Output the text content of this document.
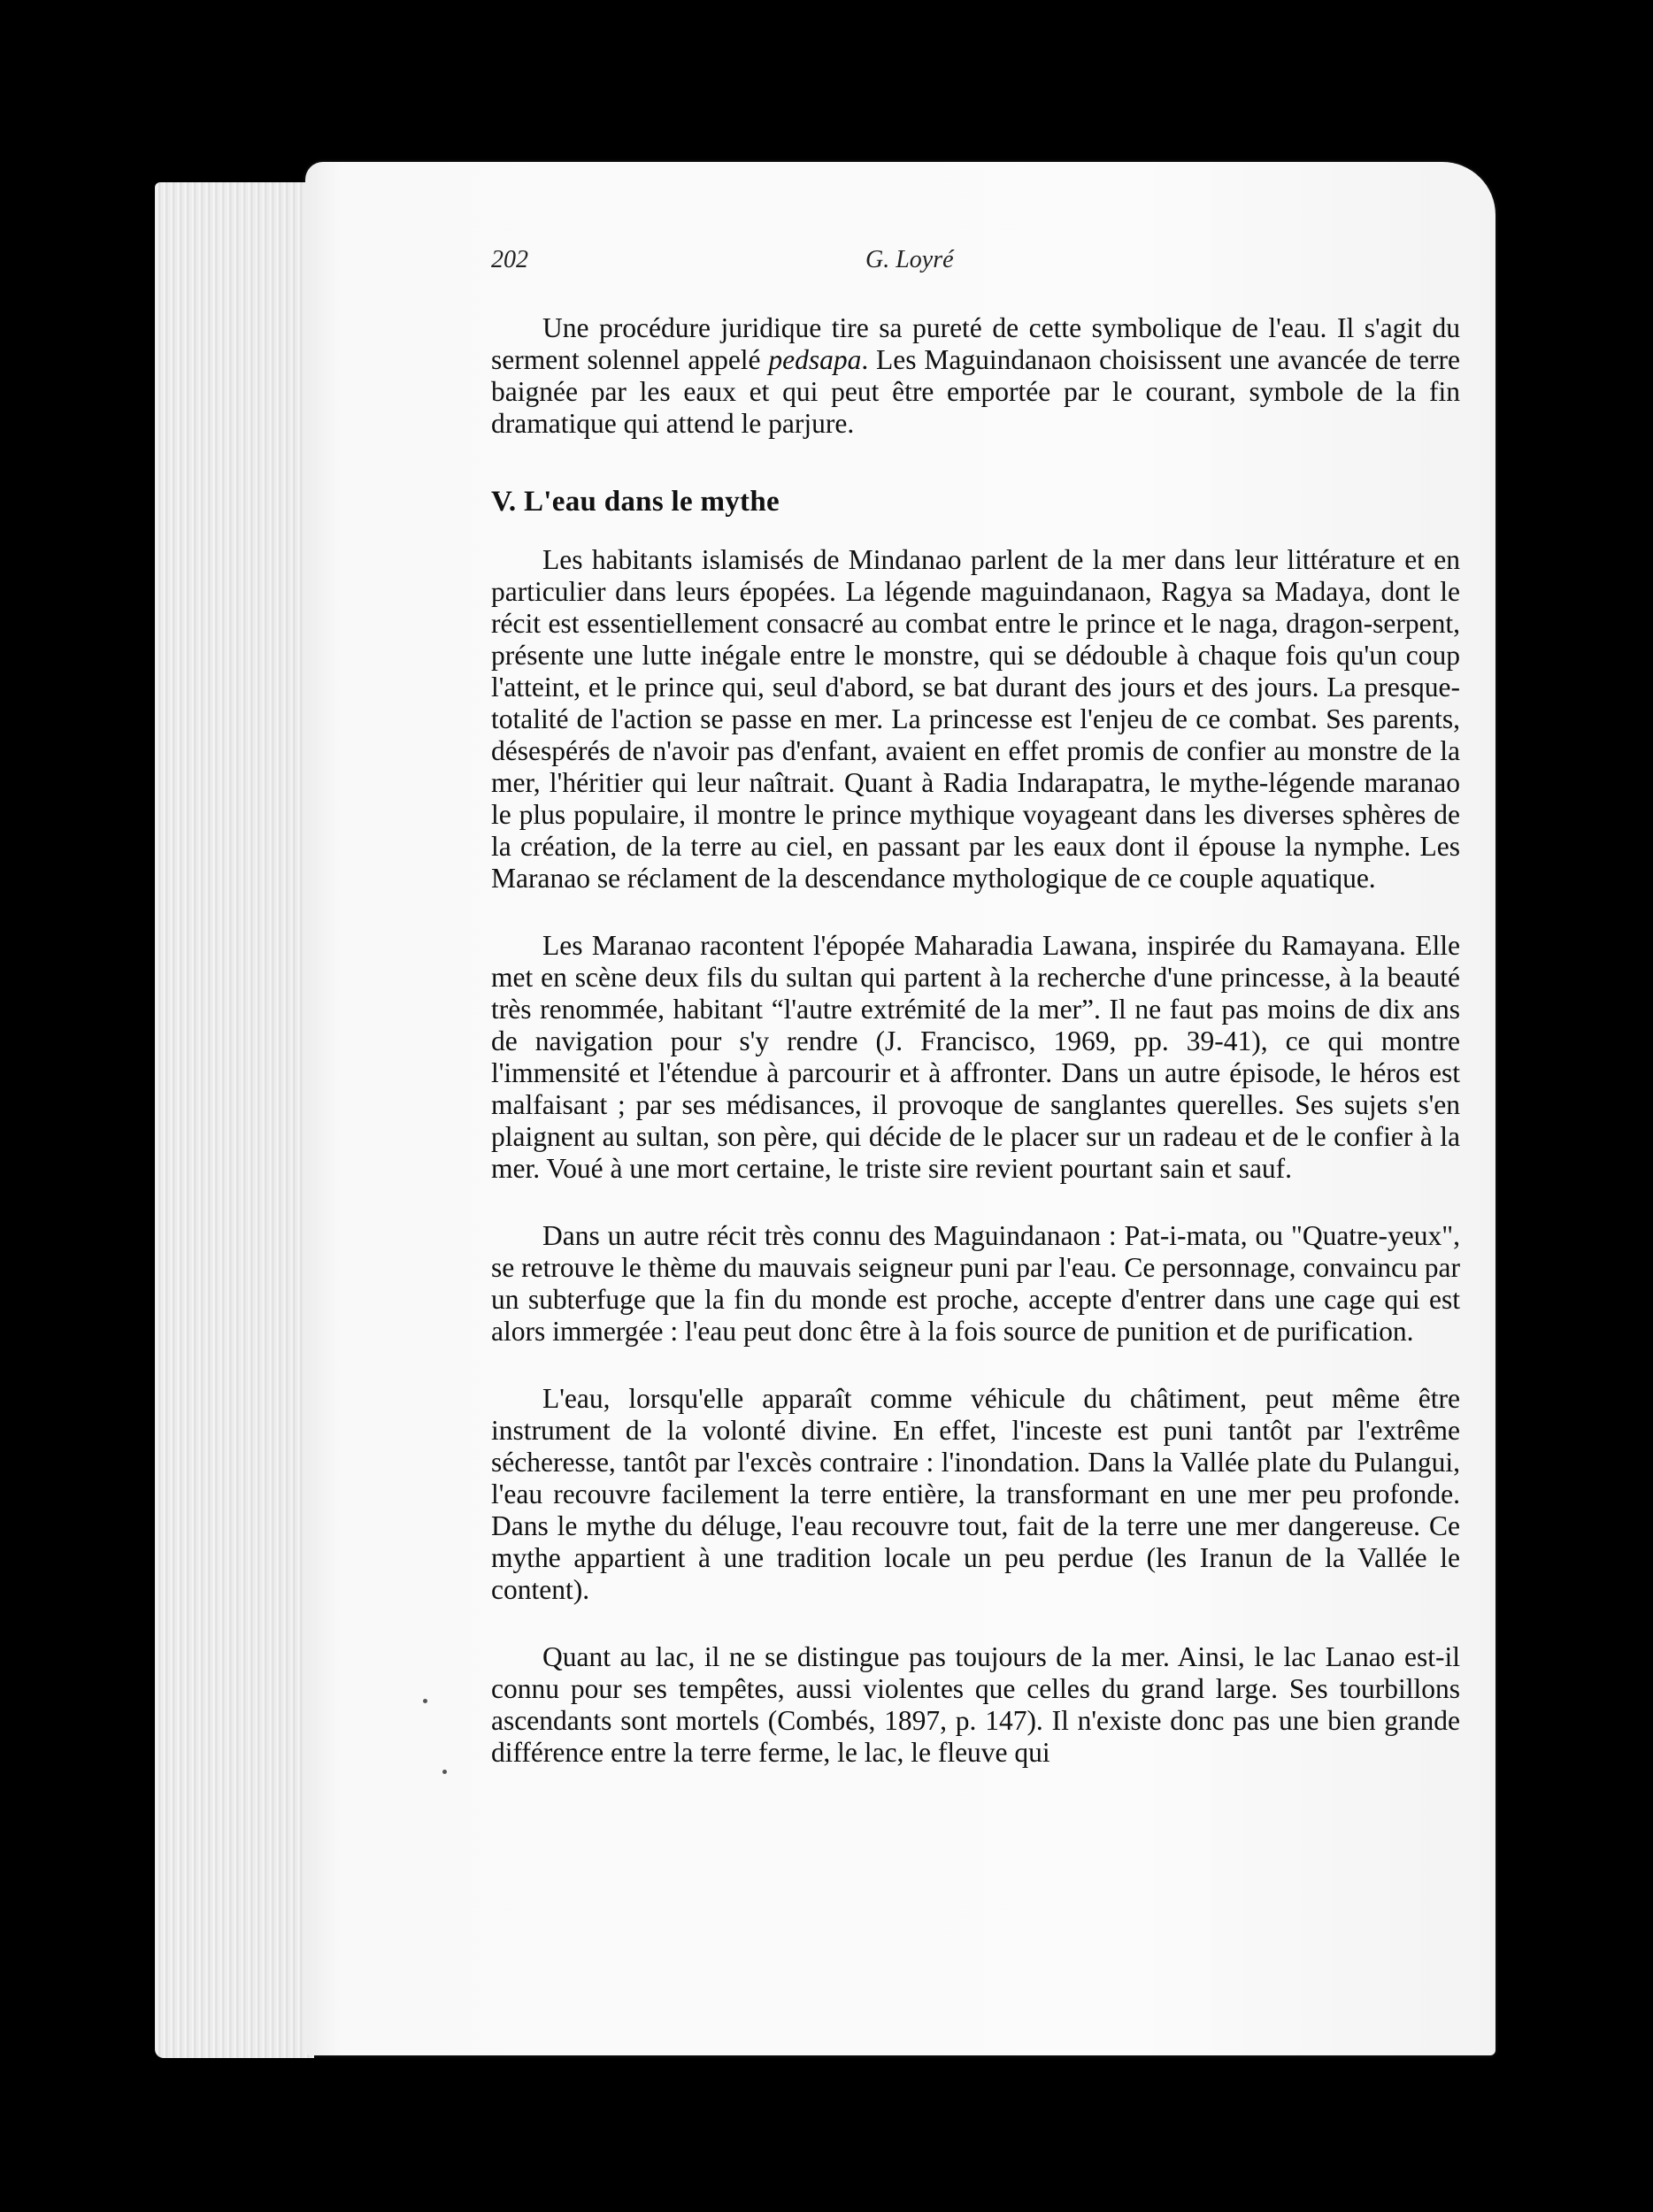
202	G. Loyré

Une procédure juridique tire sa pureté de cette symbolique de l'eau. Il s'agit du serment solennel appelé pedsapa. Les Maguindanaon choisissent une avancée de terre baignée par les eaux et qui peut être emportée par le courant, symbole de la fin dramatique qui attend le parjure.

V. L'eau dans le mythe

Les habitants islamisés de Mindanao parlent de la mer dans leur littérature et en particulier dans leurs épopées. La légende maguindanaon, Ragya sa Madaya, dont le récit est essentiellement consacré au combat entre le prince et le naga, dragon-serpent, présente une lutte inégale entre le monstre, qui se dédouble à chaque fois qu'un coup l'atteint, et le prince qui, seul d'abord, se bat durant des jours et des jours. La presque-totalité de l'action se passe en mer. La princesse est l'enjeu de ce combat. Ses parents, désespérés de n'avoir pas d'enfant, avaient en effet promis de confier au monstre de la mer, l'héritier qui leur naîtrait. Quant à Radia Indarapatra, le mythe-légende maranao le plus populaire, il montre le prince mythique voyageant dans les diverses sphères de la création, de la terre au ciel, en passant par les eaux dont il épouse la nymphe. Les Maranao se réclament de la descendance mythologique de ce couple aquatique.

Les Maranao racontent l'épopée Maharadia Lawana, inspirée du Ramayana. Elle met en scène deux fils du sultan qui partent à la recherche d'une princesse, à la beauté très renommée, habitant “l'autre extrémité de la mer”. Il ne faut pas moins de dix ans de navigation pour s'y rendre (J. Francisco, 1969, pp. 39-41), ce qui montre l'immensité et l'étendue à parcourir et à affronter. Dans un autre épisode, le héros est malfaisant ; par ses médisances, il provoque de sanglantes querelles. Ses sujets s'en plaignent au sultan, son père, qui décide de le placer sur un radeau et de le confier à la mer. Voué à une mort certaine, le triste sire revient pourtant sain et sauf.

Dans un autre récit très connu des Maguindanaon : Pat-i-mata, ou "Quatre-yeux", se retrouve le thème du mauvais seigneur puni par l'eau. Ce personnage, convaincu par un subterfuge que la fin du monde est proche, accepte d'entrer dans une cage qui est alors immergée : l'eau peut donc être à la fois source de punition et de purification.

L'eau, lorsqu'elle apparaît comme véhicule du châtiment, peut même être instrument de la volonté divine. En effet, l'inceste est puni tantôt par l'extrême sécheresse, tantôt par l'excès contraire : l'inondation. Dans la Vallée plate du Pulangui, l'eau recouvre facilement la terre entière, la transformant en une mer peu profonde. Dans le mythe du déluge, l'eau recouvre tout, fait de la terre une mer dangereuse. Ce mythe appartient à une tradition locale un peu perdue (les Iranun de la Vallée le content).

Quant au lac, il ne se distingue pas toujours de la mer. Ainsi, le lac Lanao est-il connu pour ses tempêtes, aussi violentes que celles du grand large. Ses tourbillons ascendants sont mortels (Combés, 1897, p. 147). Il n'existe donc pas une bien grande différence entre la terre ferme, le lac, le fleuve qui
